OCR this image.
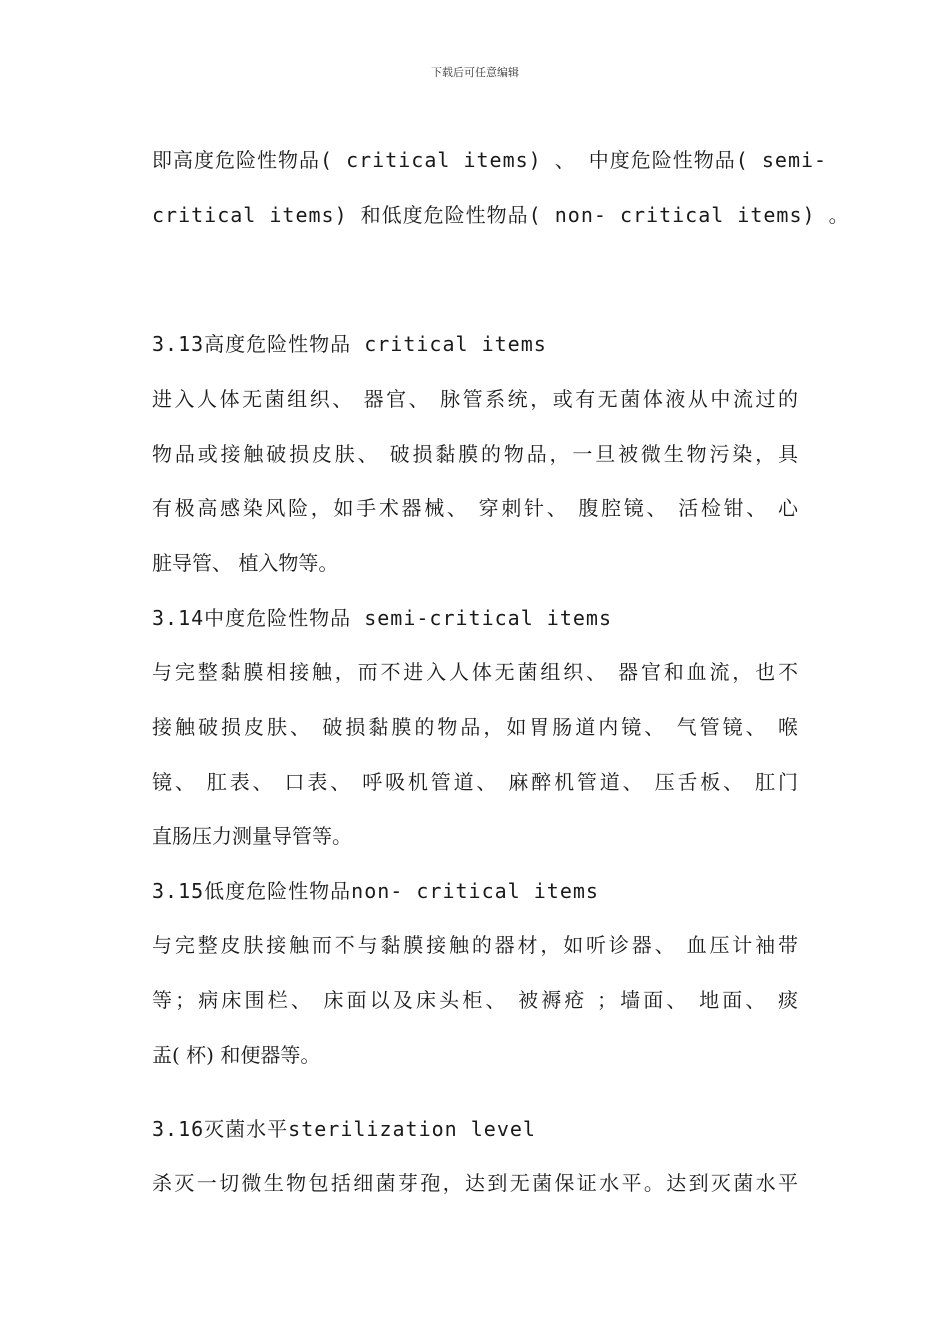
下载后可任意编辑
即高度危险性物品( critical items) 、 中度危险性物品( semi-
critical items) 和低度危险性物品( non- critical items) 。
3.13高度危险性物品 critical items
进入人体无菌组织、 器官、 脉管系统，或有无菌体液从中流过的
物品或接触破损皮肤、 破损黏膜的物品，一旦被微生物污染，具
有极高感染风险，如手术器械、 穿刺针、 腹腔镜、 活检钳、 心
脏导管、 植入物等。
3.14中度危险性物品 semi-critical items
与完整黏膜相接触，而不进入人体无菌组织、 器官和血流，也不
接触破损皮肤、 破损黏膜的物品，如胃肠道内镜、 气管镜、 喉
镜、 肛表、 口表、 呼吸机管道、 麻醉机管道、 压舌板、 肛门
直肠压力测量导管等。
3.15低度危险性物品non- critical items
与完整皮肤接触而不与黏膜接触的器材，如听诊器、 血压计袖带
等；病床围栏、 床面以及床头柜、 被褥疮 ；墙面、 地面、 痰
盂( 杯) 和便器等。
3.16灭菌水平sterilization level
杀灭一切微生物包括细菌芽孢，达到无菌保证水平。达到灭菌水平
